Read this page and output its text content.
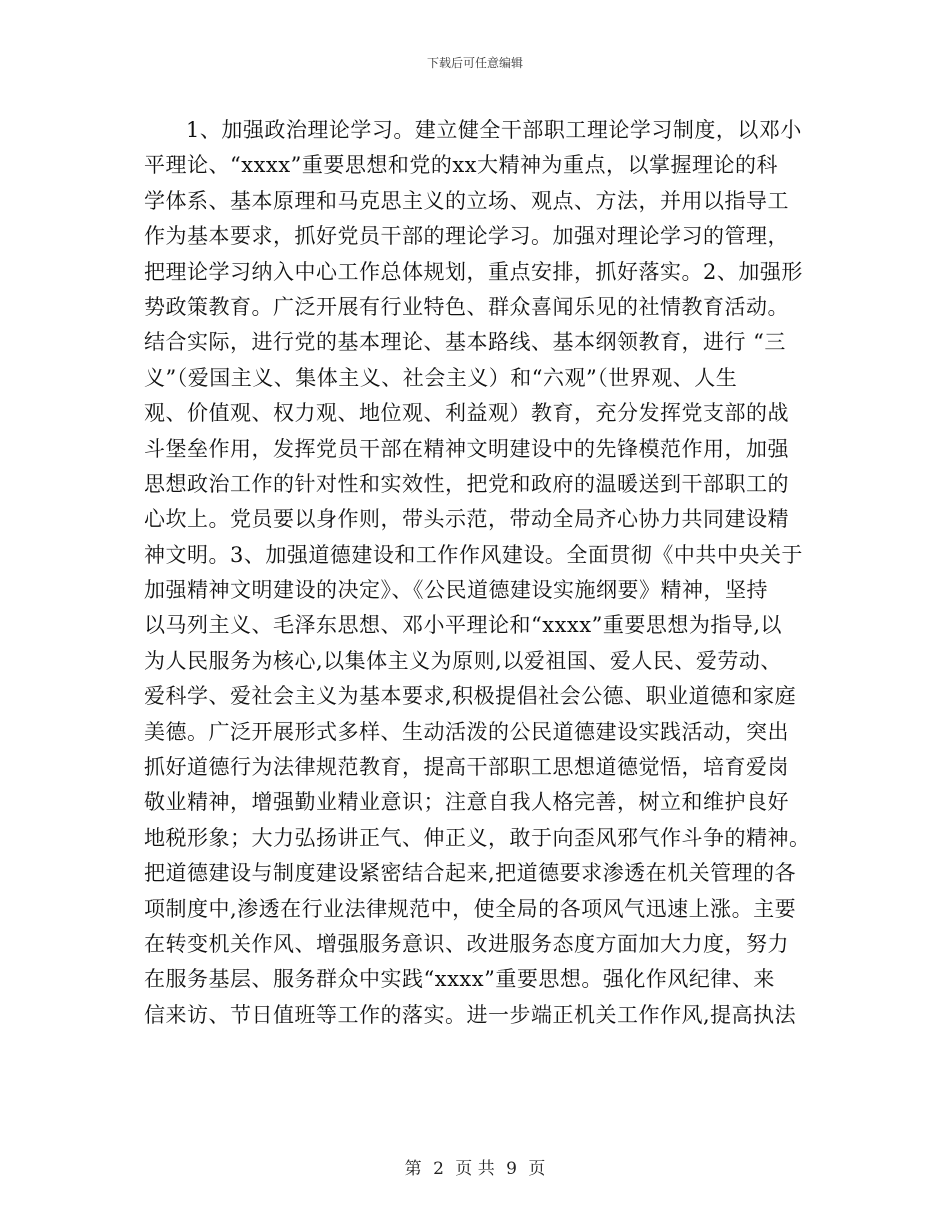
下载后可任意编辑
1、加强政治理论学习。建立健全干部职工理论学习制度，以邓小
平理论、“xxxx”重要思想和党的xx大精神为重点，以掌握理论的科
学体系、基本原理和马克思主义的立场、观点、方法，并用以指导工
作为基本要求，抓好党员干部的理论学习。加强对理论学习的管理，
把理论学习纳入中心工作总体规划，重点安排，抓好落实。2、加强形
势政策教育。广泛开展有行业特色、群众喜闻乐见的社情教育活动。
结合实际，进行党的基本理论、基本路线、基本纲领教育，进行 “三
义”（爱国主义、集体主义、社会主义）和“六观”（世界观、人生
观、价值观、权力观、地位观、利益观）教育，充分发挥党支部的战
斗堡垒作用，发挥党员干部在精神文明建设中的先锋模范作用，加强
思想政治工作的针对性和实效性，把党和政府的温暖送到干部职工的
心坎上。党员要以身作则，带头示范，带动全局齐心协力共同建设精
神文明。3、加强道德建设和工作作风建设。全面贯彻《中共中央关于
加强精神文明建设的决定》、《公民道德建设实施纲要》精神，坚持
以马列主义、毛泽东思想、邓小平理论和“xxxx”重要思想为指导,以
为人民服务为核心,以集体主义为原则,以爱祖国、爱人民、爱劳动、
爱科学、爱社会主义为基本要求,积极提倡社会公德、职业道德和家庭
美德。广泛开展形式多样、生动活泼的公民道德建设实践活动，突出
抓好道德行为法律规范教育，提高干部职工思想道德觉悟，培育爱岗
敬业精神，增强勤业精业意识；注意自我人格完善，树立和维护良好
地税形象；大力弘扬讲正气、伸正义，敢于向歪风邪气作斗争的精神。
把道德建设与制度建设紧密结合起来,把道德要求渗透在机关管理的各
项制度中,渗透在行业法律规范中，使全局的各项风气迅速上涨。主要
在转变机关作风、增强服务意识、改进服务态度方面加大力度，努力
在服务基层、服务群众中实践“xxxx”重要思想。强化作风纪律、来
信来访、节日值班等工作的落实。进一步端正机关工作作风,提高执法
第 2 页 共 9 页
